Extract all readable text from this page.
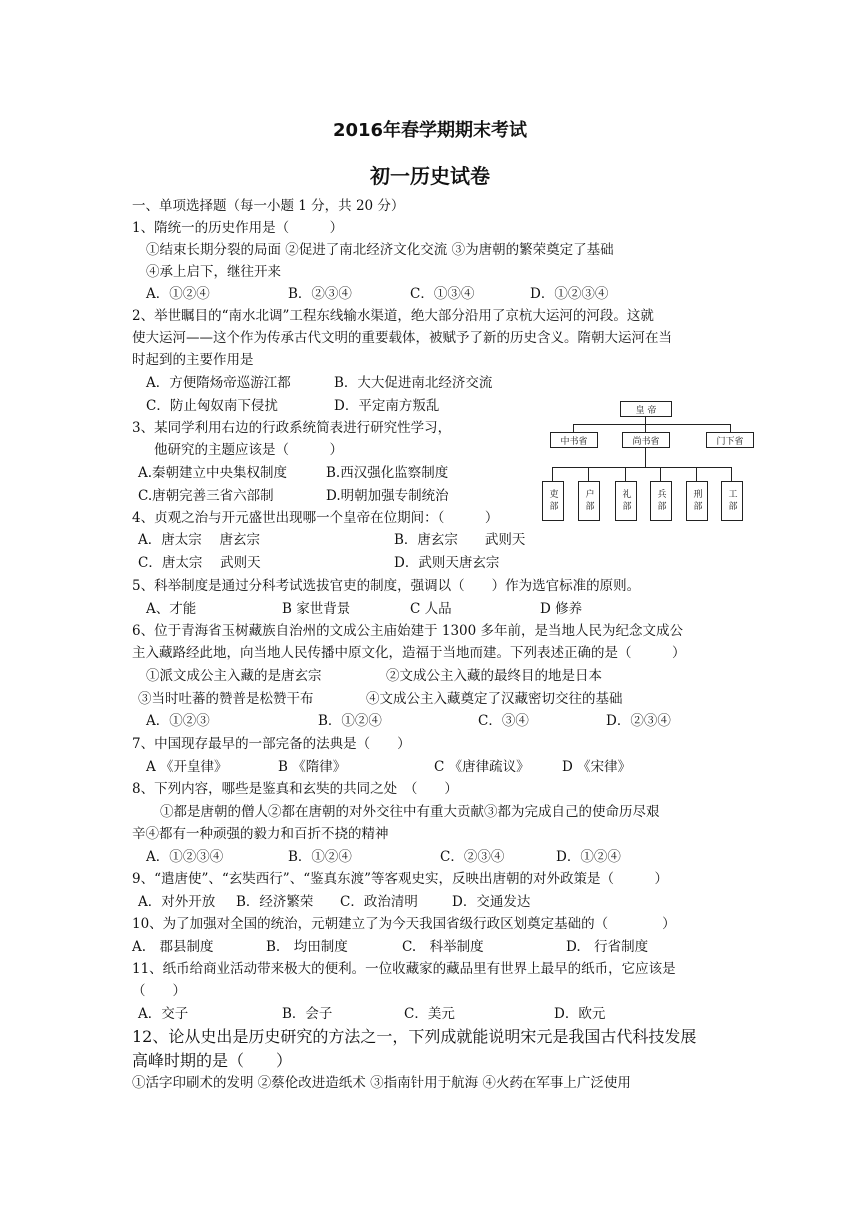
2016年春学期期末考试
初一历史试卷
一、单项选择题（每一小题 1 分，共 20 分）
1、隋统一的历史作用是（　　　）
①结束长期分裂的局面 ②促进了南北经济文化交流 ③为唐朝的繁荣奠定了基础
④承上启下，继往开来
A．①②④	B．②③④	C．①③④	D．①②③④
2、举世瞩目的“南水北调”工程东线输水渠道，绝大部分沿用了京杭大运河的河段。这就
使大运河——这个作为传承古代文明的重要载体，被赋予了新的历史含义。隋朝大运河在当
时起到的主要作用是
A．方便隋炀帝巡游江都	B．大大促进南北经济交流
C．防止匈奴南下侵扰	D．平定南方叛乱
3、某同学利用右边的行政系统简表进行研究性学习，
他研究的主题应该是（　　　）
A.秦朝建立中央集权制度	B.西汉强化监察制度
C.唐朝完善三省六部制	D.明朝加强专制统治
皇 帝
中书省	尚书省	门下省
吏部	户部	礼部	兵部	刑部	工部
4、贞观之治与开元盛世出现哪一个皇帝在位期间：（　　　）
A．唐太宗　 唐玄宗	B．唐玄宗　　武则天
C．唐太宗　 武则天	D．武则天唐玄宗
5、科举制度是通过分科考试选拔官吏的制度，强调以（　　）作为选官标准的原则。
A、才能	B 家世背景	C 人品	D 修养
6、位于青海省玉树藏族自治州的文成公主庙始建于 1300 多年前，是当地人民为纪念文成公
主入藏路经此地，向当地人民传播中原文化，造福于当地而建。下列表述正确的是（　　　）
①派文成公主入藏的是唐玄宗	②文成公主入藏的最终目的地是日本
③当时吐蕃的赞普是松赞干布	④文成公主入藏奠定了汉藏密切交往的基础
A．①②③	B．①②④	C．③④	D．②③④
7、中国现存最早的一部完备的法典是（　　）
A 《开皇律》	B 《隋律》	C 《唐律疏议》 D 《宋律》
8、下列内容，哪些是鉴真和玄奘的共同之处　（　　）
①都是唐朝的僧人②都在唐朝的对外交往中有重大贡献③都为完成自己的使命历尽艰
辛④都有一种顽强的毅力和百折不挠的精神
A．①②③④	B．①②④	C．②③④	D．①②④
9、“遣唐使”、“玄奘西行”、“鉴真东渡”等客观史实，反映出唐朝的对外政策是（　　　）
A．对外开放 B．经济繁荣 C．政治清明	D．交通发达
10、为了加强对全国的统治，元朝建立了为今天我国省级行政区划奠定基础的（　　　　）
A.　郡县制度	B.　均田制度	C.　科举制度	D.　行省制度
11、纸币给商业活动带来极大的便利。一位收藏家的藏品里有世界上最早的纸币，它应该是
（　　）
A．交子	B．会子	C．美元	D．欧元
12、论从史出是历史研究的方法之一，下列成就能说明宋元是我国古代科技发展
高峰时期的是（　　）
①活字印刷术的发明 ②蔡伦改进造纸术 ③指南针用于航海 ④火药在军事上广泛使用
